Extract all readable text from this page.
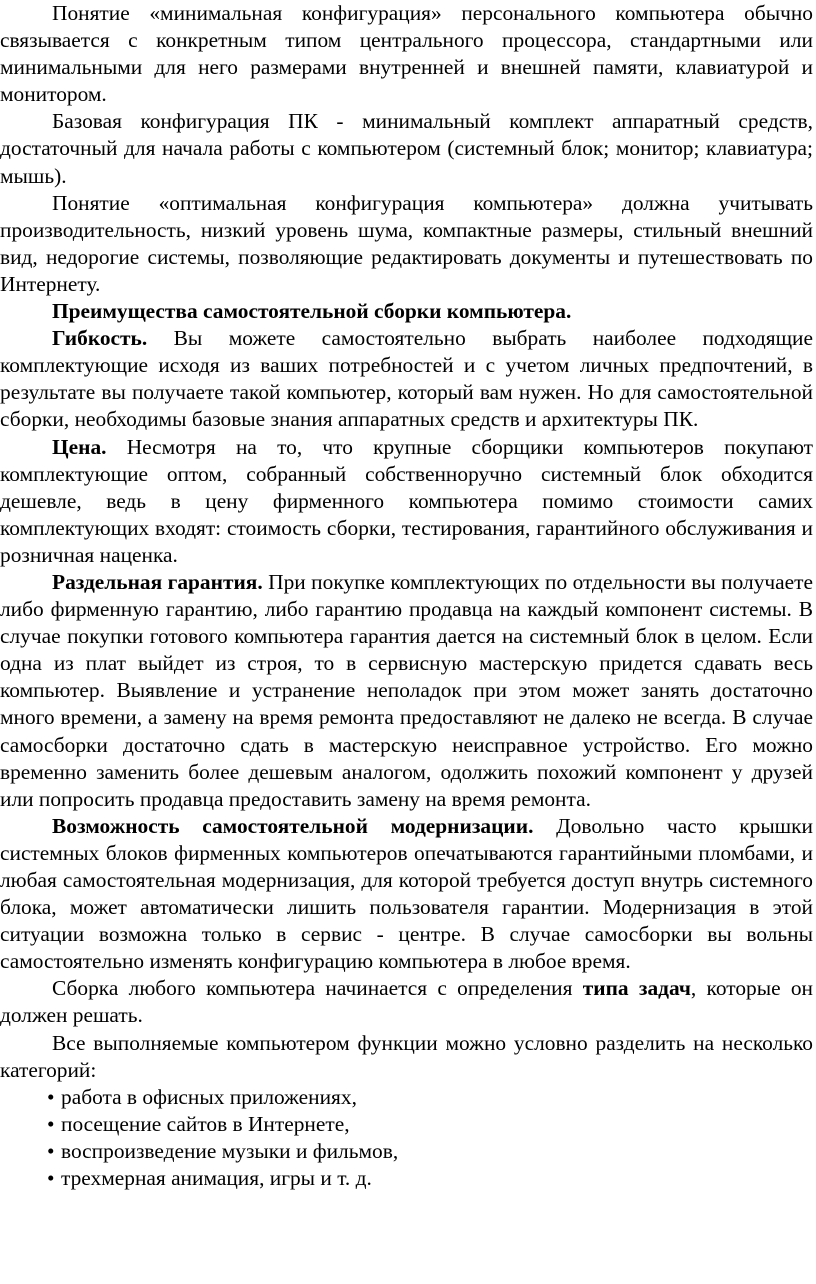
Понятие «минимальная конфигурация» персонального компьютера обычно связывается с конкретным типом центрального процессора, стандартными или минимальными для него размерами внутренней и внешней памяти, клавиатурой и монитором.

Базовая конфигурация ПК - минимальный комплект аппаратный средств, достаточный для начала работы с компьютером (системный блок; монитор; клавиатура; мышь).

Понятие «оптимальная конфигурация компьютера» должна учитывать производительность, низкий уровень шума, компактные размеры, стильный внешний вид, недорогие системы, позволяющие редактировать документы и путешествовать по Интернету.

Преимущества самостоятельной сборки компьютера.

Гибкость. Вы можете самостоятельно выбрать наиболее подходящие комплектующие исходя из ваших потребностей и с учетом личных предпочтений, в результате вы получаете такой компьютер, который вам нужен. Но для самостоятельной сборки, необходимы базовые знания аппаратных средств и архитектуры ПК.

Цена. Несмотря на то, что крупные сборщики компьютеров покупают комплектующие оптом, собранный собственноручно системный блок обходится дешевле, ведь в цену фирменного компьютера помимо стоимости самих комплектующих входят: стоимость сборки, тестирования, гарантийного обслуживания и розничная наценка.

Раздельная гарантия. При покупке комплектующих по отдельности вы получаете либо фирменную гарантию, либо гарантию продавца на каждый компонент системы. В случае покупки готового компьютера гарантия дается на системный блок в целом. Если одна из плат выйдет из строя, то в сервисную мастерскую придется сдавать весь компьютер. Выявление и устранение неполадок при этом может занять достаточно много времени, а замену на время ремонта предоставляют не далеко не всегда. В случае самосборки достаточно сдать в мастерскую неисправное устройство. Его можно временно заменить более дешевым аналогом, одолжить похожий компонент у друзей или попросить продавца предоставить замену на время ремонта.

Возможность самостоятельной модернизации. Довольно часто крышки системных блоков фирменных компьютеров опечатываются гарантийными пломбами, и любая самостоятельная модернизация, для которой требуется доступ внутрь системного блока, может автоматически лишить пользователя гарантии. Модернизация в этой ситуации возможна только в сервис - центре. В случае самосборки вы вольны самостоятельно изменять конфигурацию компьютера в любое время.

Сборка любого компьютера начинается с определения типа задач, которые он должен решать.

Все выполняемые компьютером функции можно условно разделить на несколько категорий:

• работа в офисных приложениях,
• посещение сайтов в Интернете,
• воспроизведение музыки и фильмов,
• трехмерная анимация, игры и т. д.
